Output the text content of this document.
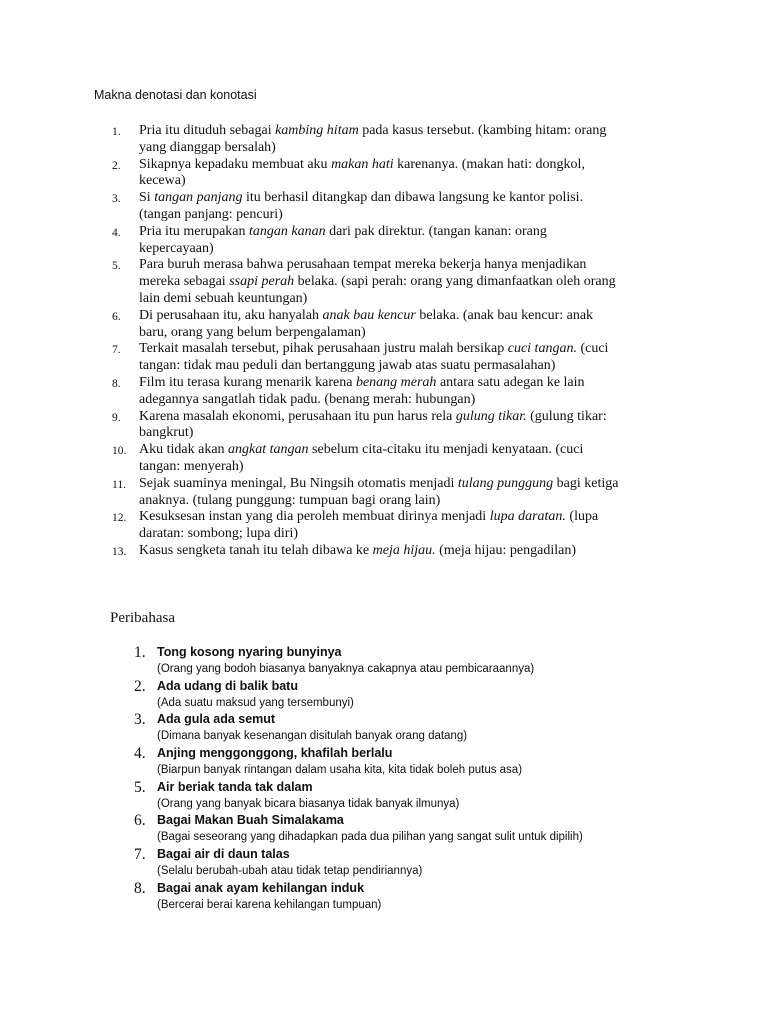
Makna denotasi dan konotasi
1.	Pria itu dituduh sebagai kambing hitam pada kasus tersebut. (kambing hitam: orang
yang dianggap bersalah)
2.	Sikapnya kepadaku membuat aku makan hati karenanya. (makan hati: dongkol,
kecewa)
3.	Si tangan panjang itu berhasil ditangkap dan dibawa langsung ke kantor polisi.
(tangan panjang: pencuri)
4.	Pria itu merupakan tangan kanan dari pak direktur. (tangan kanan: orang
kepercayaan)
5.	Para buruh merasa bahwa perusahaan tempat mereka bekerja hanya menjadikan
mereka sebagai ssapi perah belaka. (sapi perah: orang yang dimanfaatkan oleh orang
lain demi sebuah keuntungan)
6.	Di perusahaan itu, aku hanyalah anak bau kencur belaka. (anak bau kencur: anak
baru, orang yang belum berpengalaman)
7.	Terkait masalah tersebut, pihak perusahaan justru malah bersikap cuci tangan. (cuci
tangan: tidak mau peduli dan bertanggung jawab atas suatu permasalahan)
8.	Film itu terasa kurang menarik karena benang merah antara satu adegan ke lain
adegannya sangatlah tidak padu. (benang merah: hubungan)
9.	Karena masalah ekonomi, perusahaan itu pun harus rela gulung tikar. (gulung tikar:
bangkrut)
10. Aku tidak akan angkat tangan sebelum cita-citaku itu menjadi kenyataan. (cuci
tangan: menyerah)
11. Sejak suaminya meningal, Bu Ningsih otomatis menjadi tulang punggung bagi ketiga
anaknya. (tulang punggung: tumpuan bagi orang lain)
12. Kesuksesan instan yang dia peroleh membuat dirinya menjadi lupa daratan. (lupa
daratan: sombong; lupa diri)
13. Kasus sengketa tanah itu telah dibawa ke meja hijau. (meja hijau: pengadilan)
Peribahasa
1. Tong kosong nyaring bunyinya
(Orang yang bodoh biasanya banyaknya cakapnya atau pembicaraannya)
2. Ada udang di balik batu
(Ada suatu maksud yang tersembunyi)
3. Ada gula ada semut
(Dimana banyak kesenangan disitulah banyak orang datang)
4. Anjing menggonggong, khafilah berlalu
(Biarpun banyak rintangan dalam usaha kita, kita tidak boleh putus asa)
5. Air beriak tanda tak dalam
(Orang yang banyak bicara biasanya tidak banyak ilmunya)
6. Bagai Makan Buah Simalakama
(Bagai seseorang yang dihadapkan pada dua pilihan yang sangat sulit untuk dipilih)
7. Bagai air di daun talas
(Selalu berubah-ubah atau tidak tetap pendiriannya)
8. Bagai anak ayam kehilangan induk
(Bercerai berai karena kehilangan tumpuan)
